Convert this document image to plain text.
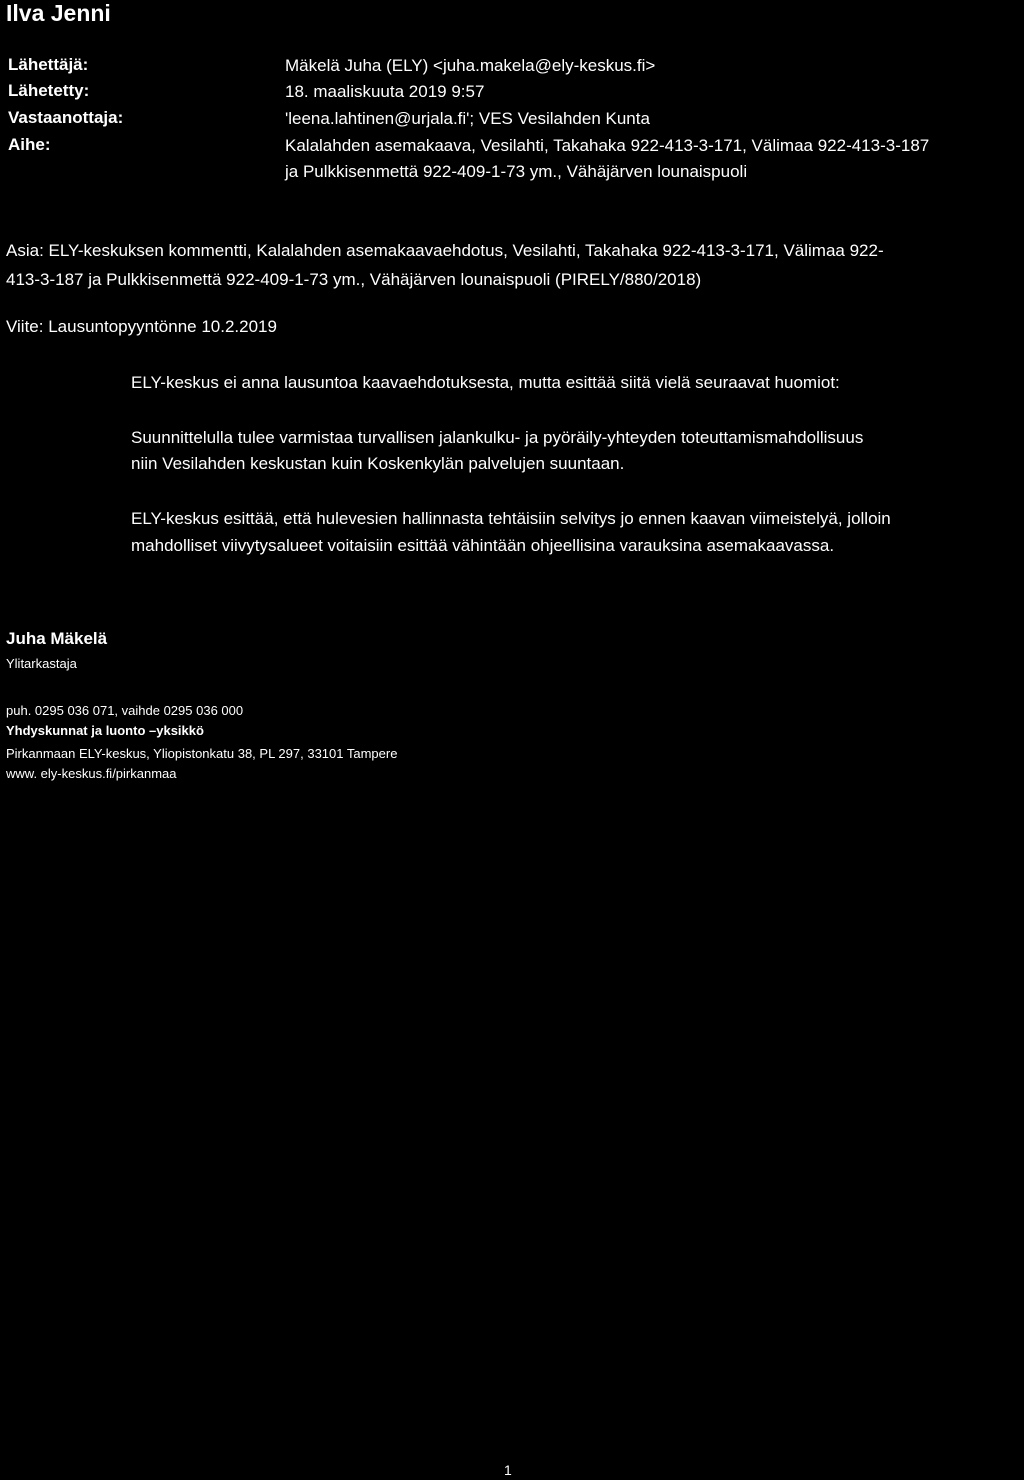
Ilva Jenni
Lähettäjä:	Mäkelä Juha (ELY) <juha.makela@ely-keskus.fi>
Lähetetty:	18. maaliskuuta 2019 9:57
Vastaanottaja:	'leena.lahtinen@urjala.fi'; VES Vesilahden Kunta
Aihe:	Kalalahden asemakaava, Vesilahti, Takahaka 922-413-3-171, Välimaa 922-413-3-187
ja Pulkkisenmettä 922-409-1-73 ym., Vähäjärven lounaispuoli
Asia: ELY-keskuksen kommentti, Kalalahden asemakaavaehdotus, Vesilahti, Takahaka 922-413-3-171, Välimaa 922-
413-3-187 ja Pulkkisenmettä 922-409-1-73 ym., Vähäjärven lounaispuoli (PIRELY/880/2018)
Viite: Lausuntopyyntönne 10.2.2019
ELY-keskus ei anna lausuntoa kaavaehdotuksesta, mutta esittää siitä vielä seuraavat huomiot:
Suunnittelulla tulee varmistaa turvallisen jalankulku- ja pyöräily-yhteyden toteuttamismahdollisuus
niin Vesilahden keskustan kuin Koskenkylän palvelujen suuntaan.
ELY-keskus esittää, että hulevesien hallinnasta tehtäisiin selvitys jo ennen kaavan viimeistelyä, jolloin
mahdolliset viivytysalueet voitaisiin esittää vähintään ohjeellisina varauksina asemakaavassa.
Juha Mäkelä
Ylitarkastaja
puh. 0295 036 071, vaihde 0295 036 000
Yhdyskunnat ja luonto –yksikkö
Pirkanmaan ELY-keskus, Yliopistonkatu 38, PL 297, 33101 Tampere
www. ely-keskus.fi/pirkanmaa
1
